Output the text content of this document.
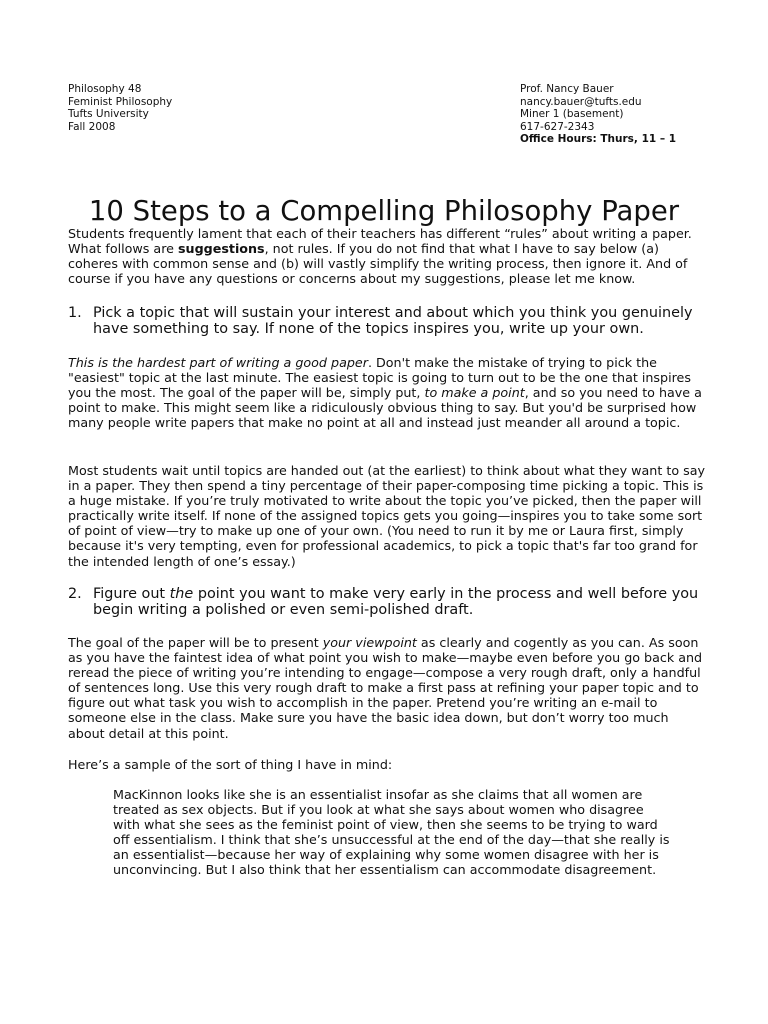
Philosophy 48
Feminist Philosophy
Tufts University
Fall 2008
Prof. Nancy Bauer
nancy.bauer@tufts.edu
Miner 1 (basement)
617-627-2343
Office Hours: Thurs, 11 – 1
10 Steps to a Compelling Philosophy Paper

Students frequently lament that each of their teachers has different “rules” about writing a paper. What follows are suggestions, not rules. If you do not find that what I have to say below (a) coheres with common sense and (b) will vastly simplify the writing process, then ignore it. And of course if you have any questions or concerns about my suggestions, please let me know.

1. Pick a topic that will sustain your interest and about which you think you genuinely have something to say. If none of the topics inspires you, write up your own.

This is the hardest part of writing a good paper. Don't make the mistake of trying to pick the "easiest" topic at the last minute. The easiest topic is going to turn out to be the one that inspires you the most. The goal of the paper will be, simply put, to make a point, and so you need to have a point to make. This might seem like a ridiculously obvious thing to say. But you'd be surprised how many people write papers that make no point at all and instead just meander all around a topic.

Most students wait until topics are handed out (at the earliest) to think about what they want to say in a paper. They then spend a tiny percentage of their paper-composing time picking a topic. This is a huge mistake. If you’re truly motivated to write about the topic you’ve picked, then the paper will practically write itself. If none of the assigned topics gets you going—inspires you to take some sort of point of view—try to make up one of your own. (You need to run it by me or Laura first, simply because it's very tempting, even for professional academics, to pick a topic that's far too grand for the intended length of one’s essay.)

2. Figure out the point you want to make very early in the process and well before you begin writing a polished or even semi-polished draft.

The goal of the paper will be to present your viewpoint as clearly and cogently as you can. As soon as you have the faintest idea of what point you wish to make—maybe even before you go back and reread the piece of writing you’re intending to engage—compose a very rough draft, only a handful of sentences long. Use this very rough draft to make a first pass at refining your paper topic and to figure out what task you wish to accomplish in the paper. Pretend you’re writing an e-mail to someone else in the class. Make sure you have the basic idea down, but don’t worry too much about detail at this point.

Here’s a sample of the sort of thing I have in mind:

MacKinnon looks like she is an essentialist insofar as she claims that all women are treated as sex objects. But if you look at what she says about women who disagree with what she sees as the feminist point of view, then she seems to be trying to ward off essentialism. I think that she’s unsuccessful at the end of the day—that she really is an essentialist—because her way of explaining why some women disagree with her is unconvincing. But I also think that her essentialism can accommodate disagreement.
